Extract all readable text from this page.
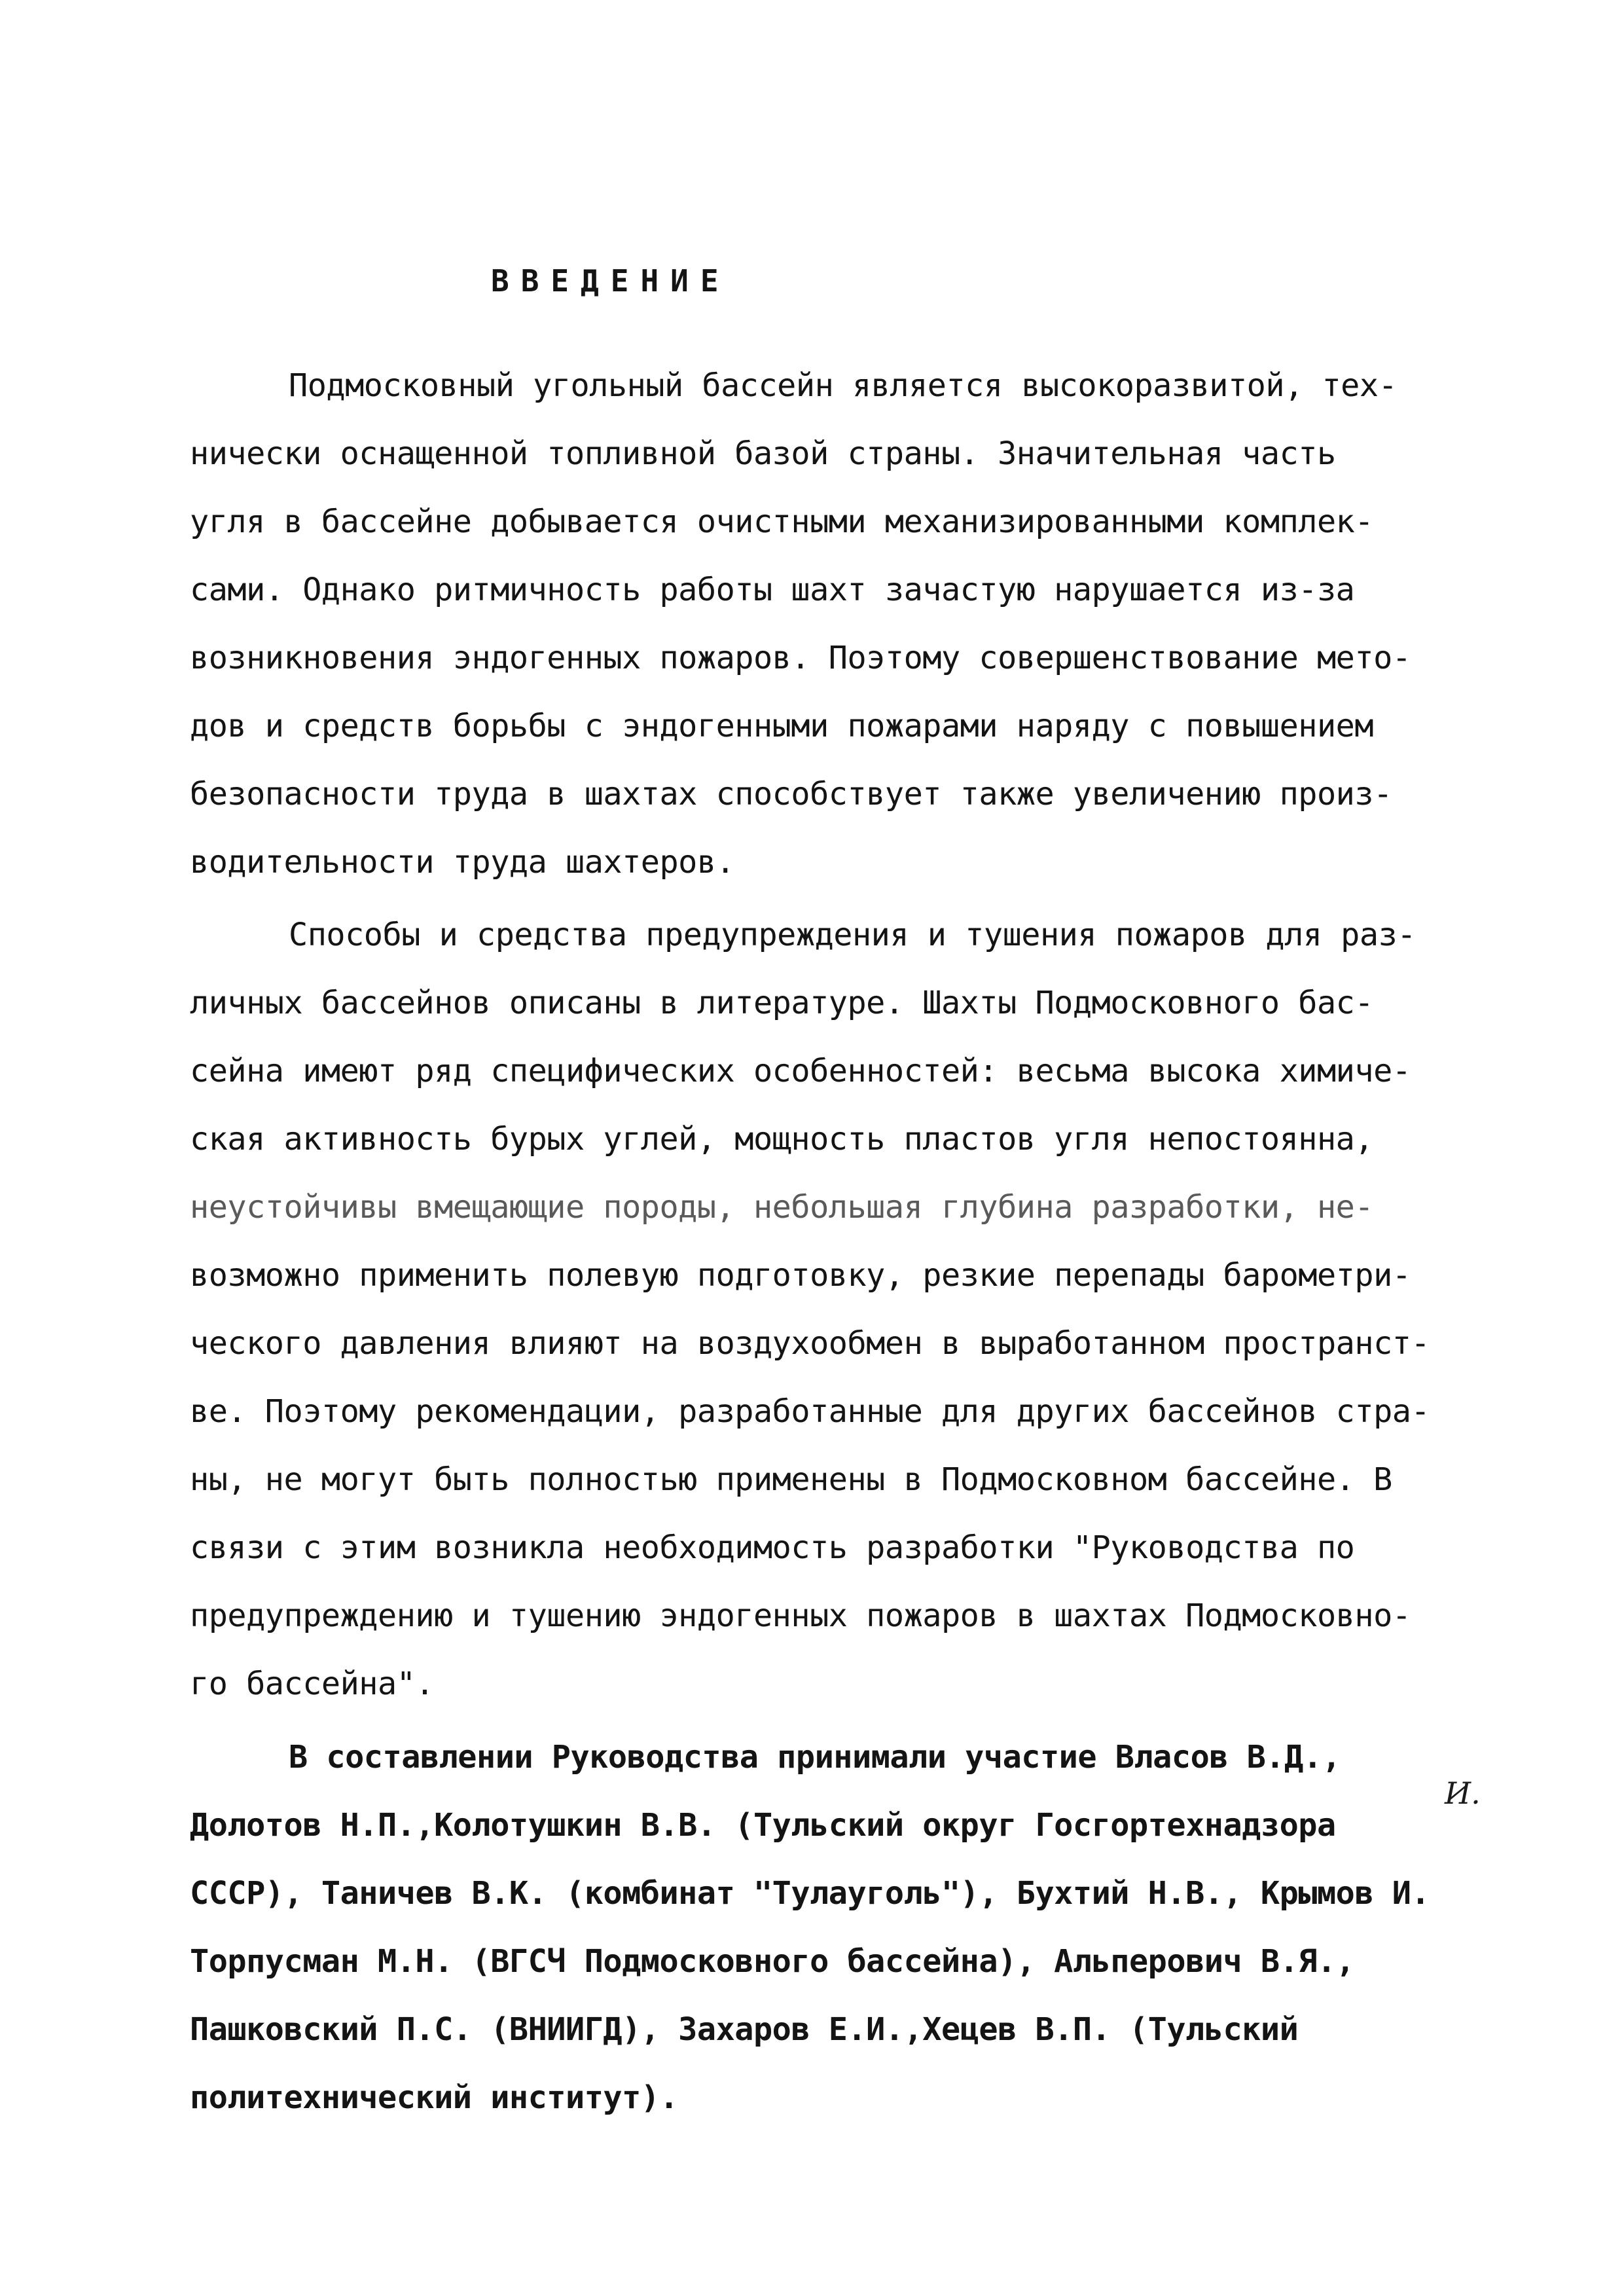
ВВЕДЕНИЕ
Подмосковный угольный бассейн является высокоразвитой, тех-
нически оснащенной топливной базой страны. Значительная часть
угля в бассейне добывается очистными механизированными комплек-
сами. Однако ритмичность работы шахт зачастую нарушается из-за
возникновения эндогенных пожаров. Поэтому совершенствование мето-
дов и средств борьбы с эндогенными пожарами наряду с повышением
безопасности труда в шахтах способствует также увеличению произ-
водительности труда шахтеров.
Способы и средства предупреждения и тушения пожаров для раз-
личных бассейнов описаны в литературе. Шахты Подмосковного бас-
сейна имеют ряд специфических особенностей: весьма высока химиче-
ская активность бурых углей, мощность пластов угля непостоянна,
неустойчивы вмещающие породы, небольшая глубина разработки, не-
возможно применить полевую подготовку, резкие перепады барометри-
ческого давления влияют на воздухообмен в выработанном пространст-
ве. Поэтому рекомендации, разработанные для других бассейнов стра-
ны, не могут быть полностью применены в Подмосковном бассейне. В
связи с этим возникла необходимость разработки "Руководства по
предупреждению и тушению эндогенных пожаров в шахтах Подмосковно-
го бассейна".
В составлении Руководства принимали участие Власов В.Д.,
Долотов Н.П.,Колотушкин В.В. (Тульский округ Госгортехнадзора
СССР), Таничев В.К. (комбинат "Тулауголь"), Бухтий Н.В., Крымов И.
Торпусман М.Н. (ВГСЧ Подмосковного бассейна), Альперович В.Я.,
Пашковский П.С. (ВНИИГД), Захаров Е.И.,Хецев В.П. (Тульский
политехнический институт).
И.
